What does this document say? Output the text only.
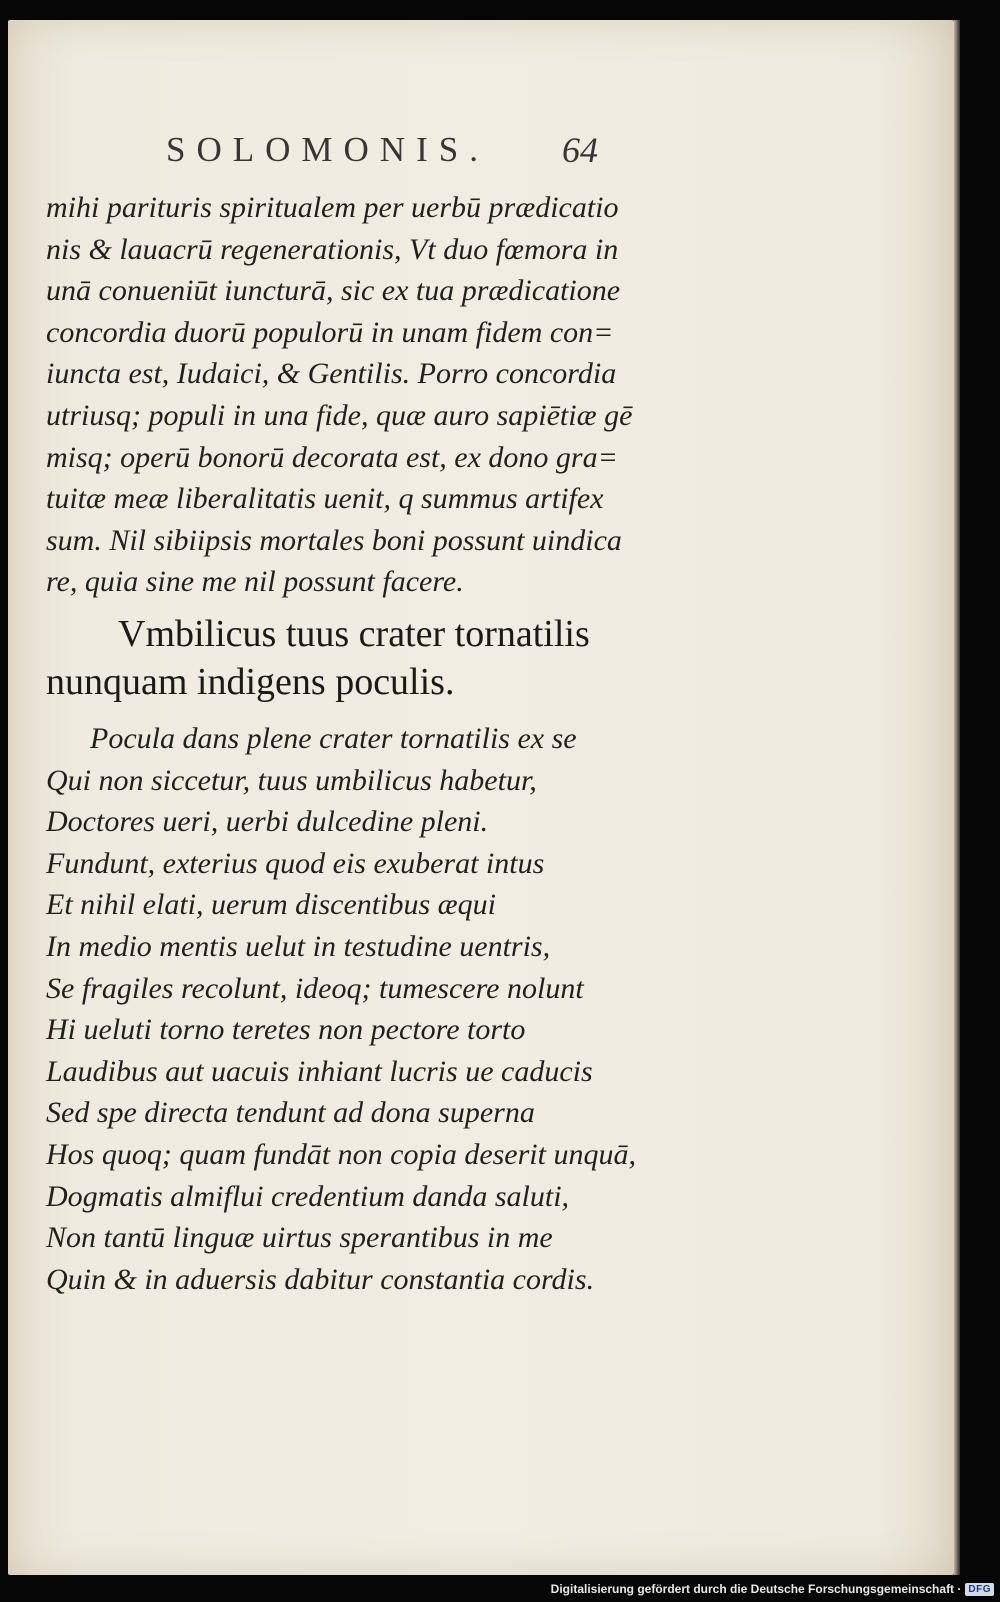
SOLOMONIS. 64
mihi parituris spiritualem per uerbū prædicatio
nis & lauacrū regenerationis, Vt duo fœmora in
unā conueniūt iuncturā, sic ex tua prædicatione
concordia duorū populorū in unam fidem con=
iuncta est, Iudaici, & Gentilis. Porro concordia
utriusq; populi in una fide, quæ auro sapiētiæ gē
misq; operū bonorū decorata est, ex dono gra=
tuitæ meæ liberalitatis uenit, q summus artifex
sum. Nil sibiipsis mortales boni possunt uindica
re, quia sine me nil possunt facere.
Vmbilicus tuus crater tornatilis
nunquam indigens poculis.
Pocula dans plene crater tornatilis ex se
Qui non siccetur, tuus umbilicus habetur,
Doctores ueri, uerbi dulcedine pleni.
Fundunt, exterius quod eis exuberat intus
Et nihil elati, uerum discentibus æqui
In medio mentis uelut in testudine uentris,
Se fragiles recolunt, ideoq; tumescere nolunt
Hi ueluti torno teretes non pectore torto
Laudibus aut uacuis inhiant lucris ue caducis
Sed spe directa tendunt ad dona superna
Hos quoq; quam fundāt non copia deserit unquā,
Dogmatis almiflui credentium danda saluti,
Non tantū linguæ uirtus sperantibus in me
Quin & in aduersis dabitur constantia cordis.
Digitalisierung gefördert durch die Deutsche Forschungsgemeinschaft · DFG
